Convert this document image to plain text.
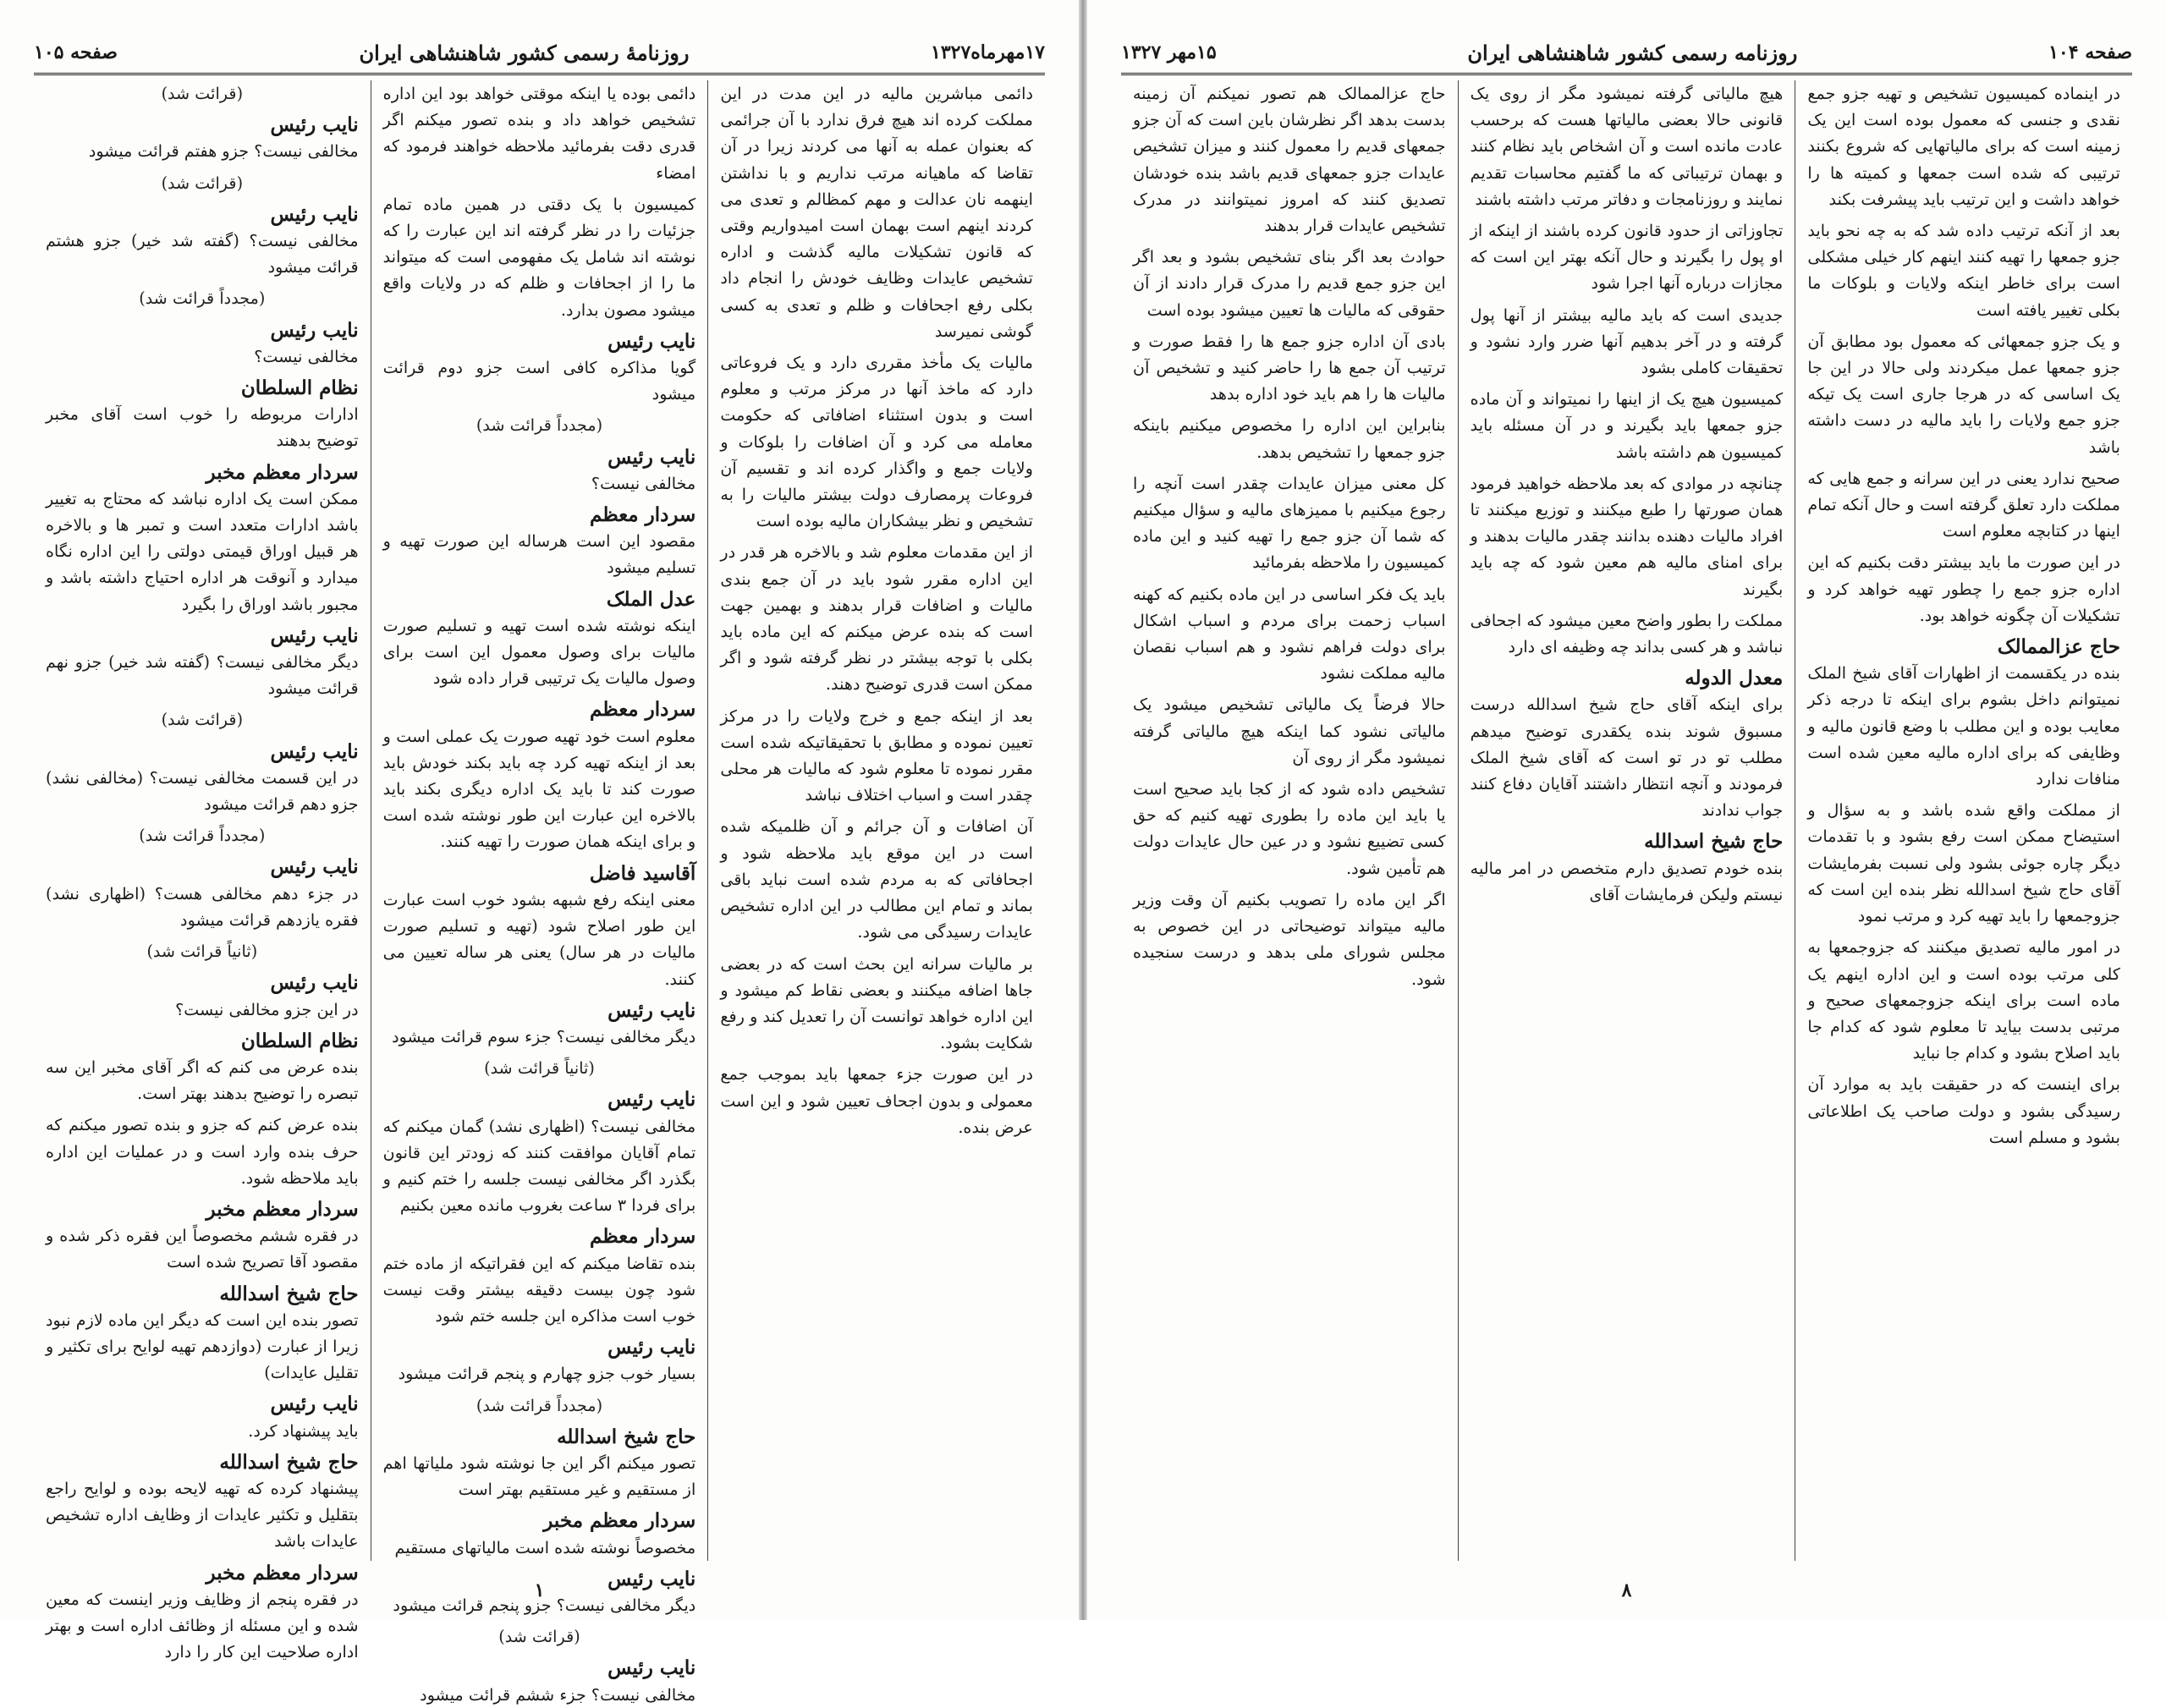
۱۷مهرماه۱۳۲۷
روزنامهٔ رسمی کشور شاهنشاهی ایران
صفحه ۱۰۵

دائمی مباشرین مالیه در این مدت در این مملکت کرده اند هیچ فرق ندارد با آن جرائمی که بعنوان عمله به آنها می کردند زیرا در آن تقاضا که ماهیانه مرتب نداریم و با نداشتن اینهمه نان عدالت و مهم کمظالم و تعدی می کردند اینهم است بهمان است امیدواریم وقتی که قانون تشکیلات مالیه گذشت و اداره تشخیص عایدات وظایف خودش را انجام داد بکلی رفع اجحافات و ظلم و تعدی به کسی گوشی نمیرسد

مالیات یک مأخذ مقرری دارد و یک فروعاتی دارد که ماخذ آنها در مرکز مرتب و معلوم است و بدون استثناء اضافاتی که حکومت معامله می کرد و آن اضافات را بلوکات و ولایات جمع و واگذار کرده اند و تقسیم آن فروعات پرمصارف دولت بیشتر مالیات را به تشخیص و نظر بیشکاران مالیه بوده است

از این مقدمات معلوم شد و بالاخره هر قدر در این اداره مقرر شود باید در آن جمع بندی مالیات و اضافات قرار بدهند و بهمین جهت است که بنده عرض میکنم که این ماده باید بکلی با توجه بیشتر در نظر گرفته شود و اگر ممکن است قدری توضیح دهند.

بعد از اینکه جمع و خرج ولایات را در مرکز تعیین نموده و مطابق با تحقیقاتیکه شده است مقرر نموده تا معلوم شود که مالیات هر محلی چقدر است و اسباب اختلاف نباشد

آن اضافات و آن جرائم و آن ظلمیکه شده است در این موقع باید ملاحظه شود و اجحافاتی که به مردم شده است نباید باقی بماند و تمام این مطالب در این اداره تشخیص عایدات رسیدگی می شود.

بر مالیات سرانه این بحث است که در بعضی جاها اضافه میکنند و بعضی نقاط کم میشود و این اداره خواهد توانست آن را تعدیل کند و رفع شکایت بشود.

در این صورت جزء جمعها باید بموجب جمع معمولی و بدون اجحاف تعیین شود و این است عرض بنده.

دائمی بوده یا اینکه موقتی خواهد بود این اداره تشخیص خواهد داد و بنده تصور میکنم اگر قدری دقت بفرمائید ملاحظه خواهند فرمود که امضاء

کمیسیون با یک دقتی در همین ماده تمام جزئیات را در نظر گرفته اند این عبارت را که نوشته اند شامل یک مفهومی است که میتواند ما را از اجحافات و ظلم که در ولایات واقع میشود مصون بدارد.

نایب رئیس

گویا مذاکره کافی است جزو دوم قرائت میشود

(مجدداً قرائت شد)
نایب رئیس

مخالفی نیست؟

سردار معظم

مقصود این است هرساله این صورت تهیه و تسلیم میشود

عدل الملک

اینکه نوشته شده است تهیه و تسلیم صورت مالیات برای وصول معمول این است برای وصول مالیات یک ترتیبی قرار داده شود

سردار معظم

معلوم است خود تهیه صورت یک عملی است و بعد از اینکه تهیه کرد چه باید بکند خودش باید صورت کند تا باید یک اداره دیگری بکند باید بالاخره این عبارت این طور نوشته شده است و برای اینکه همان صورت را تهیه کنند.

آقاسید فاضل

معنی اینکه رفع شبهه بشود خوب است عبارت این طور اصلاح شود (تهیه و تسلیم صورت مالیات در هر سال) یعنی هر ساله تعیین می کنند.

نایب رئیس

دیگر مخالفی نیست؟ جزء سوم قرائت میشود

(ثانیاً قرائت شد)
نایب رئیس

مخالفی نیست؟ (اظهاری نشد) گمان میکنم که تمام آقایان موافقت کنند که زودتر این قانون بگذرد اگر مخالفی نیست جلسه را ختم کنیم و برای فردا ۳ ساعت بغروب مانده معین بکنیم

سردار معظم

بنده تقاضا میکنم که این فقراتیکه از ماده ختم شود چون بیست دقیقه بیشتر وقت نیست خوب است مذاکره این جلسه ختم شود

نایب رئیس

بسیار خوب جزو چهارم و پنجم قرائت میشود

(مجدداً قرائت شد)
حاج شیخ اسدالله

تصور میکنم اگر این جا نوشته شود ملیاتها اهم از مستقیم و غیر مستقیم بهتر است

سردار معظم مخبر

مخصوصاً نوشته شده است مالیاتهای مستقیم

نایب رئیس

دیگر مخالفی نیست؟ جزو پنجم قرائت میشود

(قرائت شد)
نایب رئیس

مخالفی نیست؟ جزء ششم قرائت میشود

(قرائت شد)
نایب رئیس

مخالفی نیست؟ جزو هفتم قرائت میشود

(قرائت شد)
نایب رئیس

مخالفی نیست؟ (گفته شد خیر) جزو هشتم قرائت میشود

(مجدداً قرائت شد)
نایب رئیس

مخالفی نیست؟

نظام السلطان

ادارات مربوطه را خوب است آقای مخبر توضیح بدهند

سردار معظم مخبر

ممکن است یک اداره نباشد که محتاج به تغییر باشد ادارات متعدد است و تمبر ها و بالاخره هر قبیل اوراق قیمتی دولتی را این اداره نگاه میدارد و آنوقت هر اداره احتیاج داشته باشد و مجبور باشد اوراق را بگیرد

نایب رئیس

دیگر مخالفی نیست؟ (گفته شد خیر) جزو نهم قرائت میشود

(قرائت شد)
نایب رئیس

در این قسمت مخالفی نیست؟ (مخالفی نشد) جزو دهم قرائت میشود

(مجدداً قرائت شد)
نایب رئیس

در جزء دهم مخالفی هست؟ (اظهاری نشد) فقره یازدهم قرائت میشود

(ثانیاً قرائت شد)
نایب رئیس

در این جزو مخالفی نیست؟

نظام السلطان

بنده عرض می کنم که اگر آقای مخبر این سه تبصره را توضیح بدهند بهتر است.

بنده عرض کنم که جزو و بنده تصور میکنم که حرف بنده وارد است و در عملیات این اداره باید ملاحظه شود.

سردار معظم مخبر

در فقره ششم مخصوصاً این فقره ذکر شده و مقصود آقا تصریح شده است

حاج شیخ اسدالله

تصور بنده این است که دیگر این ماده لازم نبود زیرا از عبارت (دوازدهم تهیه لوایح برای تکثیر و تقلیل عایدات)

نایب رئیس

باید پیشنهاد کرد.

حاج شیخ اسدالله

پیشنهاد کرده که تهیه لایحه بوده و لوایح راجع بتقلیل و تکثیر عایدات از وظایف اداره تشخیص عایدات باشد

سردار معظم مخبر

در فقره پنجم از وظایف وزیر اینست که معین شده و این مسئله از وظائف اداره است و بهتر اداره صلاحیت این کار را دارد

۱
صفحه ۱۰۴
روزنامه رسمی کشور شاهنشاهی ایران
۱۵مهر ۱۳۲۷

در اینماده کمیسیون تشخیص و تهیه جزو جمع نقدی و جنسی که معمول بوده است این یک زمینه است که برای مالیاتهایی که شروع بکنند ترتیبی که شده است جمعها و کمیته ها را خواهد داشت و این ترتیب باید پیشرفت بکند

بعد از آنکه ترتیب داده شد که به چه نحو باید جزو جمعها را تهیه کنند اینهم کار خیلی مشکلی است برای خاطر اینکه ولایات و بلوکات ما بکلی تغییر یافته است

و یک جزو جمعهائی که معمول بود مطابق آن جزو جمعها عمل میکردند ولی حالا در این جا یک اساسی که در هرجا جاری است یک تیکه جزو جمع ولایات را باید مالیه در دست داشته باشد

صحیح ندارد یعنی در این سرانه و جمع هایی که مملکت دارد تعلق گرفته است و حال آنکه تمام اینها در کتابچه معلوم است

در این صورت ما باید بیشتر دقت بکنیم که این اداره جزو جمع را چطور تهیه خواهد کرد و تشکیلات آن چگونه خواهد بود.

حاج عزالممالک

بنده در یکقسمت از اظهارات آقای شیخ الملک نمیتوانم داخل بشوم برای اینکه تا درجه ذکر معایب بوده و این مطلب با وضع قانون مالیه و وظایفی که برای اداره مالیه معین شده است منافات ندارد

از مملکت واقع شده باشد و به سؤال و استیضاح ممکن است رفع بشود و با تقدمات دیگر چاره جوئی بشود ولی نسبت بفرمایشات آقای حاج شیخ اسدالله نظر بنده این است که جزوجمعها را باید تهیه کرد و مرتب نمود

در امور مالیه تصدیق میکنند که جزوجمعها به کلی مرتب بوده است و این اداره اینهم یک ماده است برای اینکه جزوجمعهای صحیح و مرتبی بدست بیاید تا معلوم شود که کدام جا باید اصلاح بشود و کدام جا نباید

برای اینست که در حقیقت باید به موارد آن رسیدگی بشود و دولت صاحب یک اطلاعاتی بشود و مسلم است

هیچ مالیاتی گرفته نمیشود مگر از روی یک قانونی حالا بعضی مالیاتها هست که برحسب عادت مانده است و آن اشخاص باید نظام کنند و بهمان ترتیباتی که ما گفتیم محاسبات تقدیم نمایند و روزنامجات و دفاتر مرتب داشته باشند

تجاوزاتی از حدود قانون کرده باشند از اینکه از او پول را بگیرند و حال آنکه بهتر این است که مجازات درباره آنها اجرا شود

جدیدی است که باید مالیه بیشتر از آنها پول گرفته و در آخر بدهیم آنها ضرر وارد نشود و تحقیقات کاملی بشود

کمیسیون هیچ یک از اینها را نمیتواند و آن ماده جزو جمعها باید بگیرند و در آن مسئله باید کمیسیون هم داشته باشد

چنانچه در موادی که بعد ملاحظه خواهید فرمود همان صورتها را طبع میکنند و توزیع میکنند تا افراد مالیات دهنده بدانند چقدر مالیات بدهند و برای امنای مالیه هم معین شود که چه باید بگیرند

مملکت را بطور واضح معین میشود که اجحافی نباشد و هر کسی بداند چه وظیفه ای دارد

معدل الدوله

برای اینکه آقای حاج شیخ اسدالله درست مسبوق شوند بنده یکقدری توضیح میدهم مطلب تو در تو است که آقای شیخ الملک فرمودند و آنچه انتظار داشتند آقایان دفاع کنند جواب ندادند

حاج شیخ اسدالله

بنده خودم تصدیق دارم متخصص در امر مالیه نیستم ولیکن فرمایشات آقای

حاج عزالممالک هم تصور نمیکنم آن زمینه بدست بدهد اگر نظرشان باین است که آن جزو جمعهای قدیم را معمول کنند و میزان تشخیص عایدات جزو جمعهای قدیم باشد بنده خودشان تصدیق کنند که امروز نمیتوانند در مدرک تشخیص عایدات قرار بدهند

حوادث بعد اگر بنای تشخیص بشود و بعد اگر این جزو جمع قدیم را مدرک قرار دادند از آن حقوقی که مالیات ها تعیین میشود بوده است

بادی آن اداره جزو جمع ها را فقط صورت و ترتیب آن جمع ها را حاضر کنید و تشخیص آن مالیات ها را هم باید خود اداره بدهد

بنابراین این اداره را مخصوص میکنیم باینکه جزو جمعها را تشخیص بدهد.

کل معنی میزان عایدات چقدر است آنچه را رجوع میکنیم با ممیزهای مالیه و سؤال میکنیم که شما آن جزو جمع را تهیه کنید و این ماده کمیسیون را ملاحظه بفرمائید

باید یک فکر اساسی در این ماده بکنیم که کهنه اسباب زحمت برای مردم و اسباب اشکال برای دولت فراهم نشود و هم اسباب نقصان مالیه مملکت نشود

حالا فرضاً یک مالیاتی تشخیص میشود یک مالیاتی نشود کما اینکه هیچ مالیاتی گرفته نمیشود مگر از روی آن

تشخیص داده شود که از کجا باید صحیح است یا باید این ماده را بطوری تهیه کنیم که حق کسی تضییع نشود و در عین حال عایدات دولت هم تأمین شود.

اگر این ماده را تصویب بکنیم آن وقت وزیر مالیه میتواند توضیحاتی در این خصوص به مجلس شورای ملی بدهد و درست سنجیده شود.

۸
